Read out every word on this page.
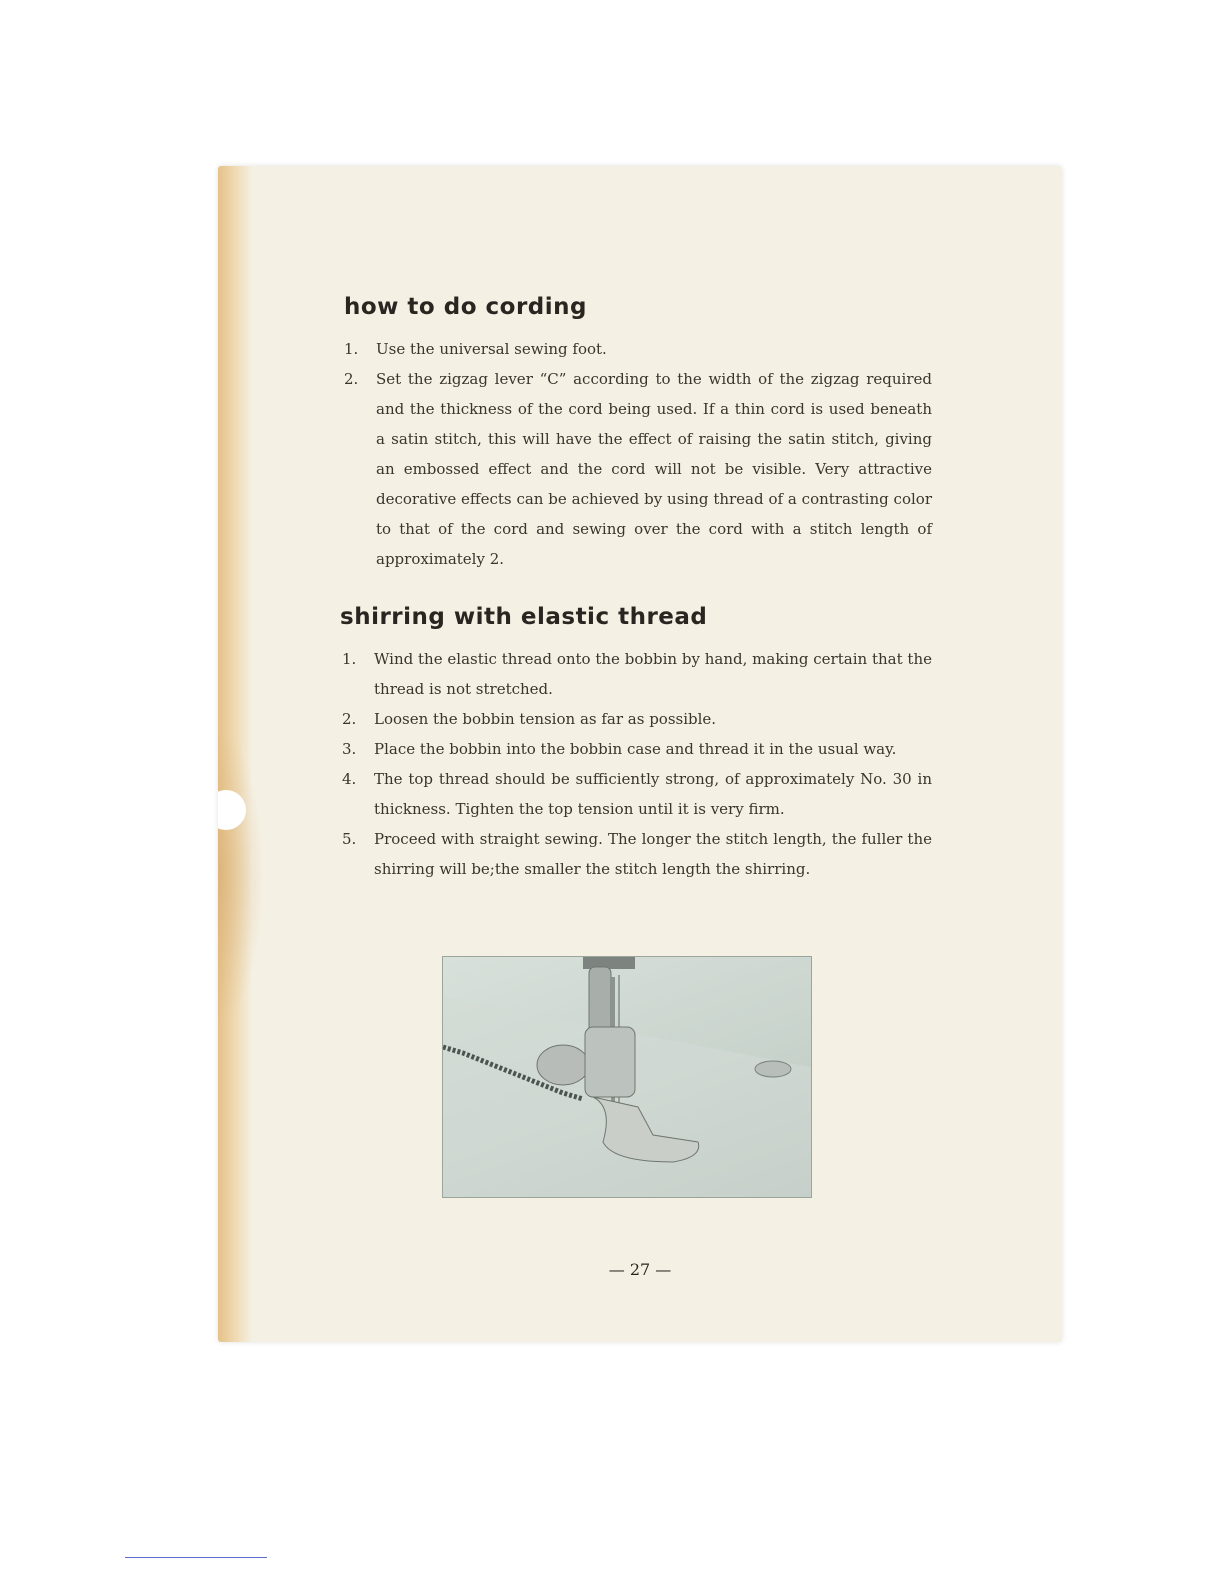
how to do cording
1. Use the universal sewing foot.
2. Set the zigzag lever “C” according to the width of the zigzag required and the thickness of the cord being used. If a thin cord is used beneath a satin stitch, this will have the effect of raising the satin stitch, giving an embossed effect and the cord will not be visible. Very attractive decorative effects can be achieved by using thread of a contrasting color to that of the cord and sewing over the cord with a stitch length of approximately 2.
shirring with elastic thread
1. Wind the elastic thread onto the bobbin by hand, making certain that the thread is not stretched.
2. Loosen the bobbin tension as far as possible.
3. Place the bobbin into the bobbin case and thread it in the usual way.
4. The top thread should be sufficiently strong, of approximately No. 30 in thickness. Tighten the top tension until it is very firm.
5. Proceed with straight sewing. The longer the stitch length, the fuller the shirring will be;the smaller the stitch length the shirring.
— 27 —
